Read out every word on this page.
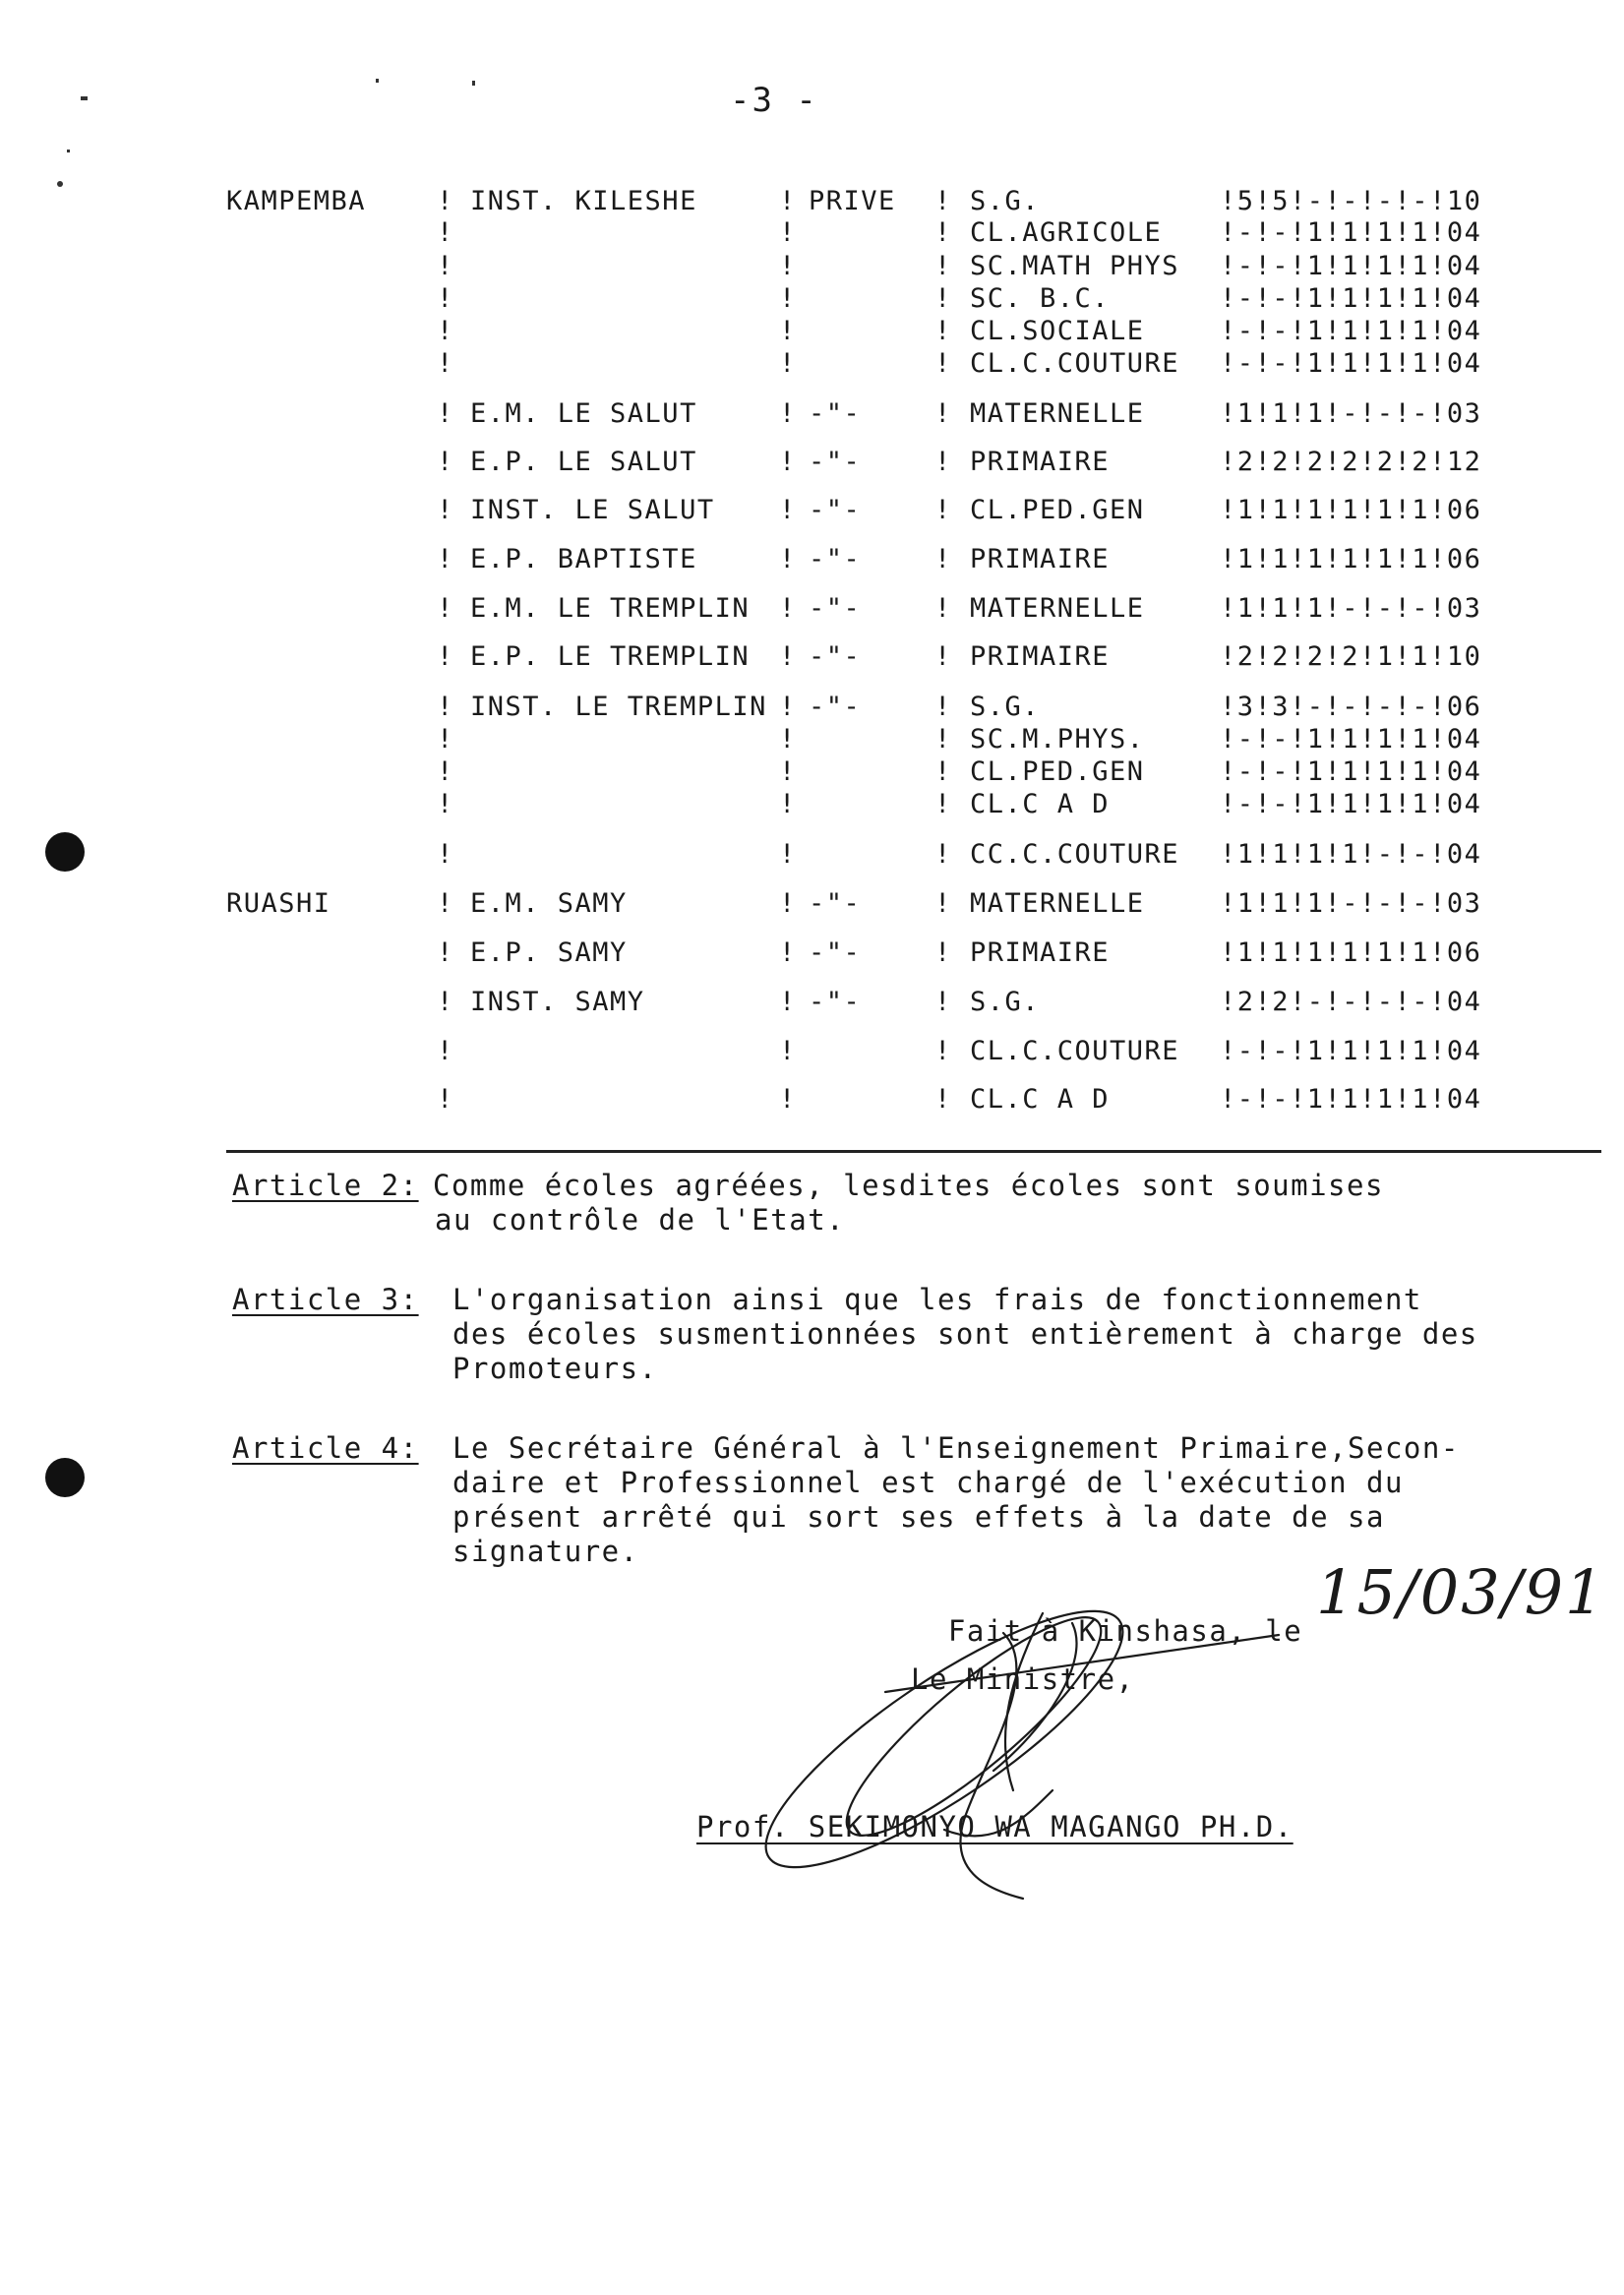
-3 -
KAMPEMBA	! INST. KILESHE	! PRIVE ! S.G.	!5!5!-!-!-!-!10
!	!	! CL.AGRICOLE !-!-!1!1!1!1!04
!	!	! SC.MATH PHYS !-!-!1!1!1!1!04
!	!	! SC. B.C.	!-!-!1!1!1!1!04
!	!	! CL.SOCIALE	!-!-!1!1!1!1!04
!	!	! CL.C.COUTURE !-!-!1!1!1!1!04
! E.M. LE SALUT	! -"-	! MATERNELLE	!1!1!1!-!-!-!03
! E.P. LE SALUT	! -"-	! PRIMAIRE	!2!2!2!2!2!2!12
! INST. LE SALUT ! -"-	! CL.PED.GEN	!1!1!1!1!1!1!06
! E.P. BAPTISTE	! -"-	! PRIMAIRE	!1!1!1!1!1!1!06
! E.M. LE TREMPLIN ! -"-	! MATERNELLE	!1!1!1!-!-!-!03
! E.P. LE TREMPLIN ! -"-	! PRIMAIRE	!2!2!2!2!1!1!10
! INST. LE TREMPLIN ! -"-	! S.G.	!3!3!-!-!-!-!06
!	!	! SC.M.PHYS.	!-!-!1!1!1!1!04
!	!	! CL.PED.GEN	!-!-!1!1!1!1!04
!	!	! CL.C A D	!-!-!1!1!1!1!04
!	!	! CC.C.COUTURE !1!1!1!1!-!-!04
RUASHI	! E.M. SAMY	! -"-	! MATERNELLE	!1!1!1!-!-!-!03
! E.P. SAMY	! -"-	! PRIMAIRE	!1!1!1!1!1!1!06
! INST. SAMY	! -"-	! S.G.	!2!2!-!-!-!-!04
!	!	! CL.C.COUTURE !-!-!1!1!1!1!04
!	!	! CL.C A D	!-!-!1!1!1!1!04
Article 2: Comme écoles agréées, lesdites écoles sont soumises
au contrôle de l'Etat.
Article 3: L'organisation ainsi que les frais de fonctionnement
des écoles susmentionnées sont entièrement à charge des
Promoteurs.
Article 4: Le Secrétaire Général à l'Enseignement Primaire,Secon-
daire et Professionnel est chargé de l'exécution du
présent arrêté qui sort ses effets à la date de sa
signature.

Fait à Kinshasa, le

15/03/91
Le Ministre,
Prof. SEKIMONYO WA MAGANGO PH.D.
